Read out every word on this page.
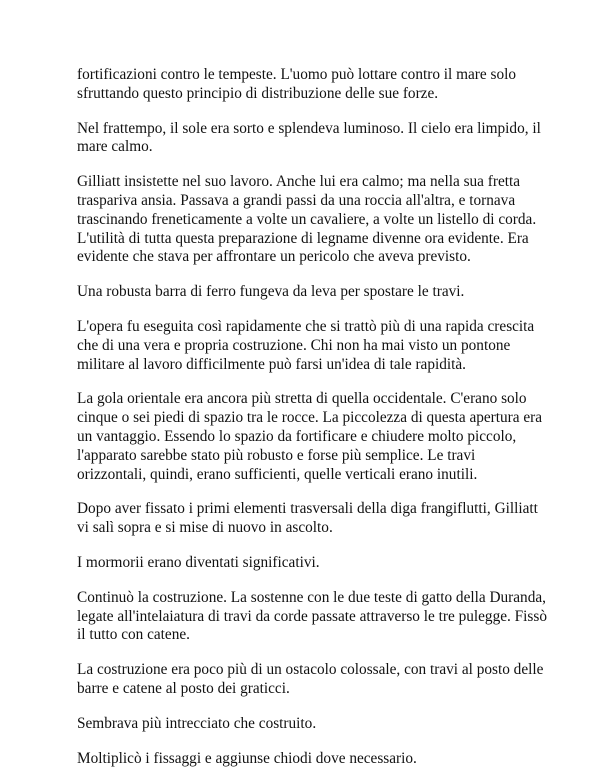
fortificazioni contro le tempeste. L'uomo può lottare contro il mare solo sfruttando questo principio di distribuzione delle sue forze.

Nel frattempo, il sole era sorto e splendeva luminoso. Il cielo era limpido, il mare calmo.

Gilliatt insistette nel suo lavoro. Anche lui era calmo; ma nella sua fretta traspariva ansia. Passava a grandi passi da una roccia all'altra, e tornava trascinando freneticamente a volte un cavaliere, a volte un listello di corda. L'utilità di tutta questa preparazione di legname divenne ora evidente. Era evidente che stava per affrontare un pericolo che aveva previsto.

Una robusta barra di ferro fungeva da leva per spostare le travi.

L'opera fu eseguita così rapidamente che si trattò più di una rapida crescita che di una vera e propria costruzione. Chi non ha mai visto un pontone militare al lavoro difficilmente può farsi un'idea di tale rapidità.

La gola orientale era ancora più stretta di quella occidentale. C'erano solo cinque o sei piedi di spazio tra le rocce. La piccolezza di questa apertura era un vantaggio. Essendo lo spazio da fortificare e chiudere molto piccolo, l'apparato sarebbe stato più robusto e forse più semplice. Le travi orizzontali, quindi, erano sufficienti, quelle verticali erano inutili.

Dopo aver fissato i primi elementi trasversali della diga frangiflutti, Gilliatt vi salì sopra e si mise di nuovo in ascolto.

I mormorii erano diventati significativi.

Continuò la costruzione. La sostenne con le due teste di gatto della Duranda, legate all'intelaiatura di travi da corde passate attraverso le tre pulegge. Fissò il tutto con catene.

La costruzione era poco più di un ostacolo colossale, con travi al posto delle barre e catene al posto dei graticci.

Sembrava più intrecciato che costruito.

Moltiplicò i fissaggi e aggiunse chiodi dove necessario.
